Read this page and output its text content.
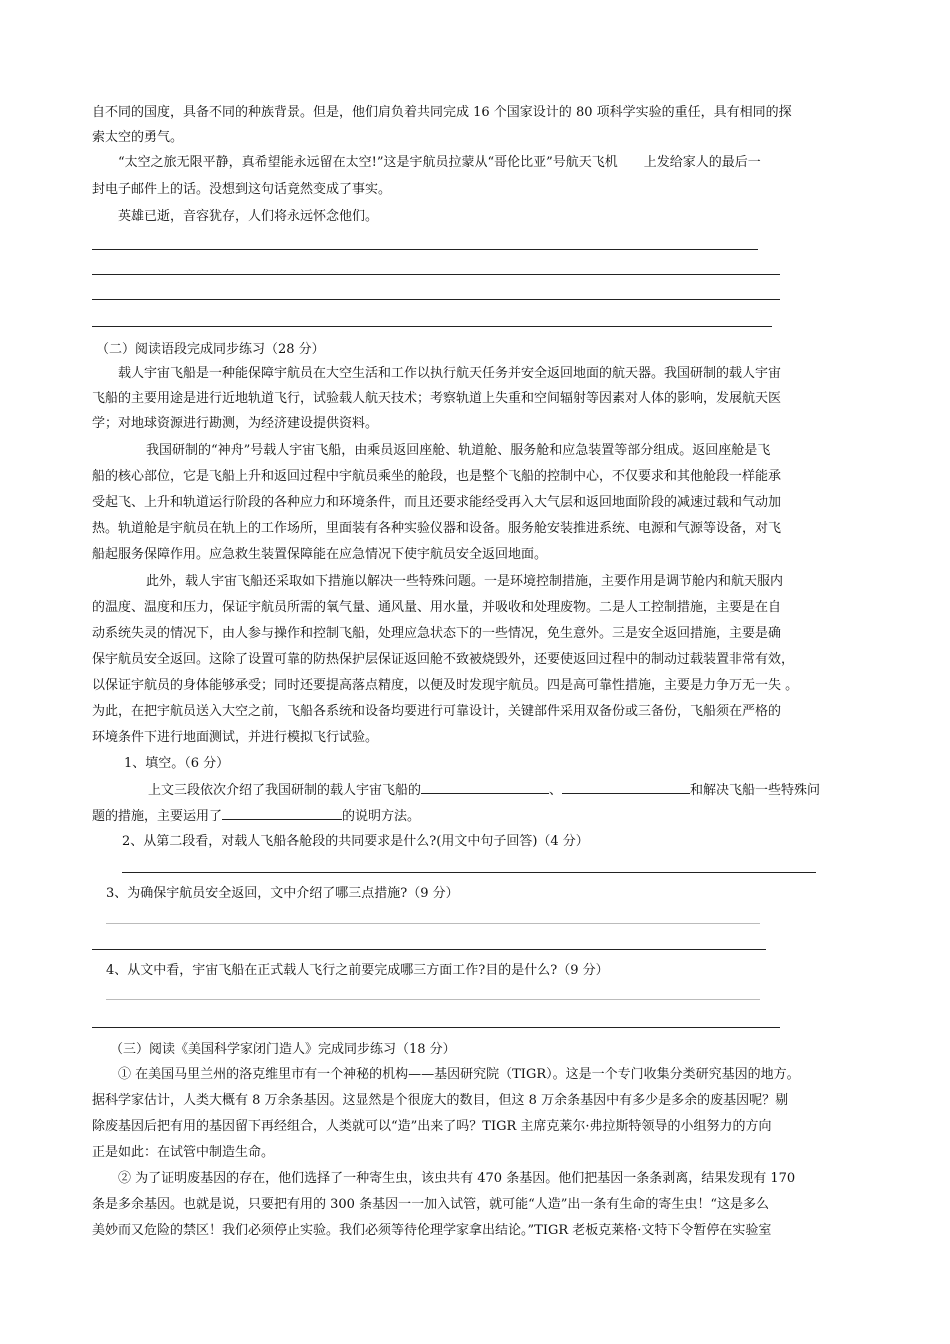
自不同的国度，具备不同的种族背景。但是，他们肩负着共同完成 16 个国家设计的 80 项科学实验的重任，具有相同的探
索太空的勇气。
“太空之旅无限平静，真希望能永远留在太空!”这是宇航员拉蒙从“哥伦比亚”号航天飞机　　上发给家人的最后一
封电子邮件上的话。没想到这句话竟然变成了事实。
英雄已逝，音容犹存，人们将永远怀念他们。
（二）阅读语段完成同步练习（28 分）
载人宇宙飞船是一种能保障宇航员在大空生活和工作以执行航天任务并安全返回地面的航天器。我国研制的载人宇宙
飞船的主要用途是进行近地轨道飞行，试验载人航天技术；考察轨道上失重和空间辐射等因素对人体的影响，发展航天医
学；对地球资源进行勘测，为经济建设提供资料。
我国研制的“神舟”号载人宇宙飞船，由乘员返回座舱、轨道舱、服务舱和应急装置等部分组成。返回座舱是飞
船的核心部位，它是飞船上升和返回过程中宇航员乘坐的舱段，也是整个飞船的控制中心，不仅要求和其他舱段一样能承
受起飞、上升和轨道运行阶段的各种应力和环境条件，而且还要求能经受再入大气层和返回地面阶段的减速过载和气动加
热。轨道舱是宇航员在轨上的工作场所，里面装有各种实验仪器和设备。服务舱安装推进系统、电源和气源等设备，对飞
船起服务保障作用。应急救生装置保障能在应急情况下使宇航员安全返回地面。
此外，载人宇宙飞船还采取如下措施以解决一些特殊问题。一是环境控制措施，主要作用是调节舱内和航天服内
的温度、温度和压力，保证宇航员所需的氧气量、通风量、用水量，并吸收和处理废物。二是人工控制措施，主要是在自
动系统失灵的情况下，由人参与操作和控制飞船，处理应急状态下的一些情况，免生意外。三是安全返回措施，主要是确
保宇航员安全返回。这除了设置可靠的防热保护层保证返回舱不致被烧毁外，还要使返回过程中的制动过载装置非常有效，
以保证宇航员的身体能够承受；同时还要提高落点精度，以便及时发现宇航员。四是高可靠性措施，主要是力争万无一失 。
为此，在把宇航员送入大空之前，飞船各系统和设备均要进行可靠设计，关键部件采用双备份或三备份，飞船须在严格的
环境条件下进行地面测试，并进行模拟飞行试验。
1、填空。（6 分）
上文三段依次介绍了我国研制的载人宇宙飞船的	、	和解决飞船一些特殊问
题的措施，主要运用了	的说明方法。
2、从第二段看，对载人飞船各舱段的共同要求是什么?(用文中句子回答)（4 分）
3、为确保宇航员安全返回，文中介绍了哪三点措施?（9 分）
4、从文中看，宇宙飞船在正式载人飞行之前要完成哪三方面工作?目的是什么?（9 分）
（三）阅读《美国科学家闭门造人》完成同步练习（18 分）
① 在美国马里兰州的洛克维里市有一个神秘的机构——基因研究院（TIGR）。这是一个专门收集分类研究基因的地方。
据科学家估计，人类大概有 8 万余条基因。这显然是个很庞大的数目，但这 8 万余条基因中有多少是多余的废基因呢？剔
除废基因后把有用的基因留下再经组合，人类就可以“造”出来了吗？TIGR 主席克莱尔·弗拉斯特领导的小组努力的方向
正是如此：在试管中制造生命。
② 为了证明废基因的存在，他们选择了一种寄生虫，该虫共有 470 条基因。他们把基因一条条剥离，结果发现有 170
条是多余基因。也就是说，只要把有用的 300 条基因一一加入试管，就可能“人造”出一条有生命的寄生虫！“这是多么
美妙而又危险的禁区！我们必须停止实验。我们必须等待伦理学家拿出结论。”TIGR 老板克莱格·文特下令暂停在实验室
